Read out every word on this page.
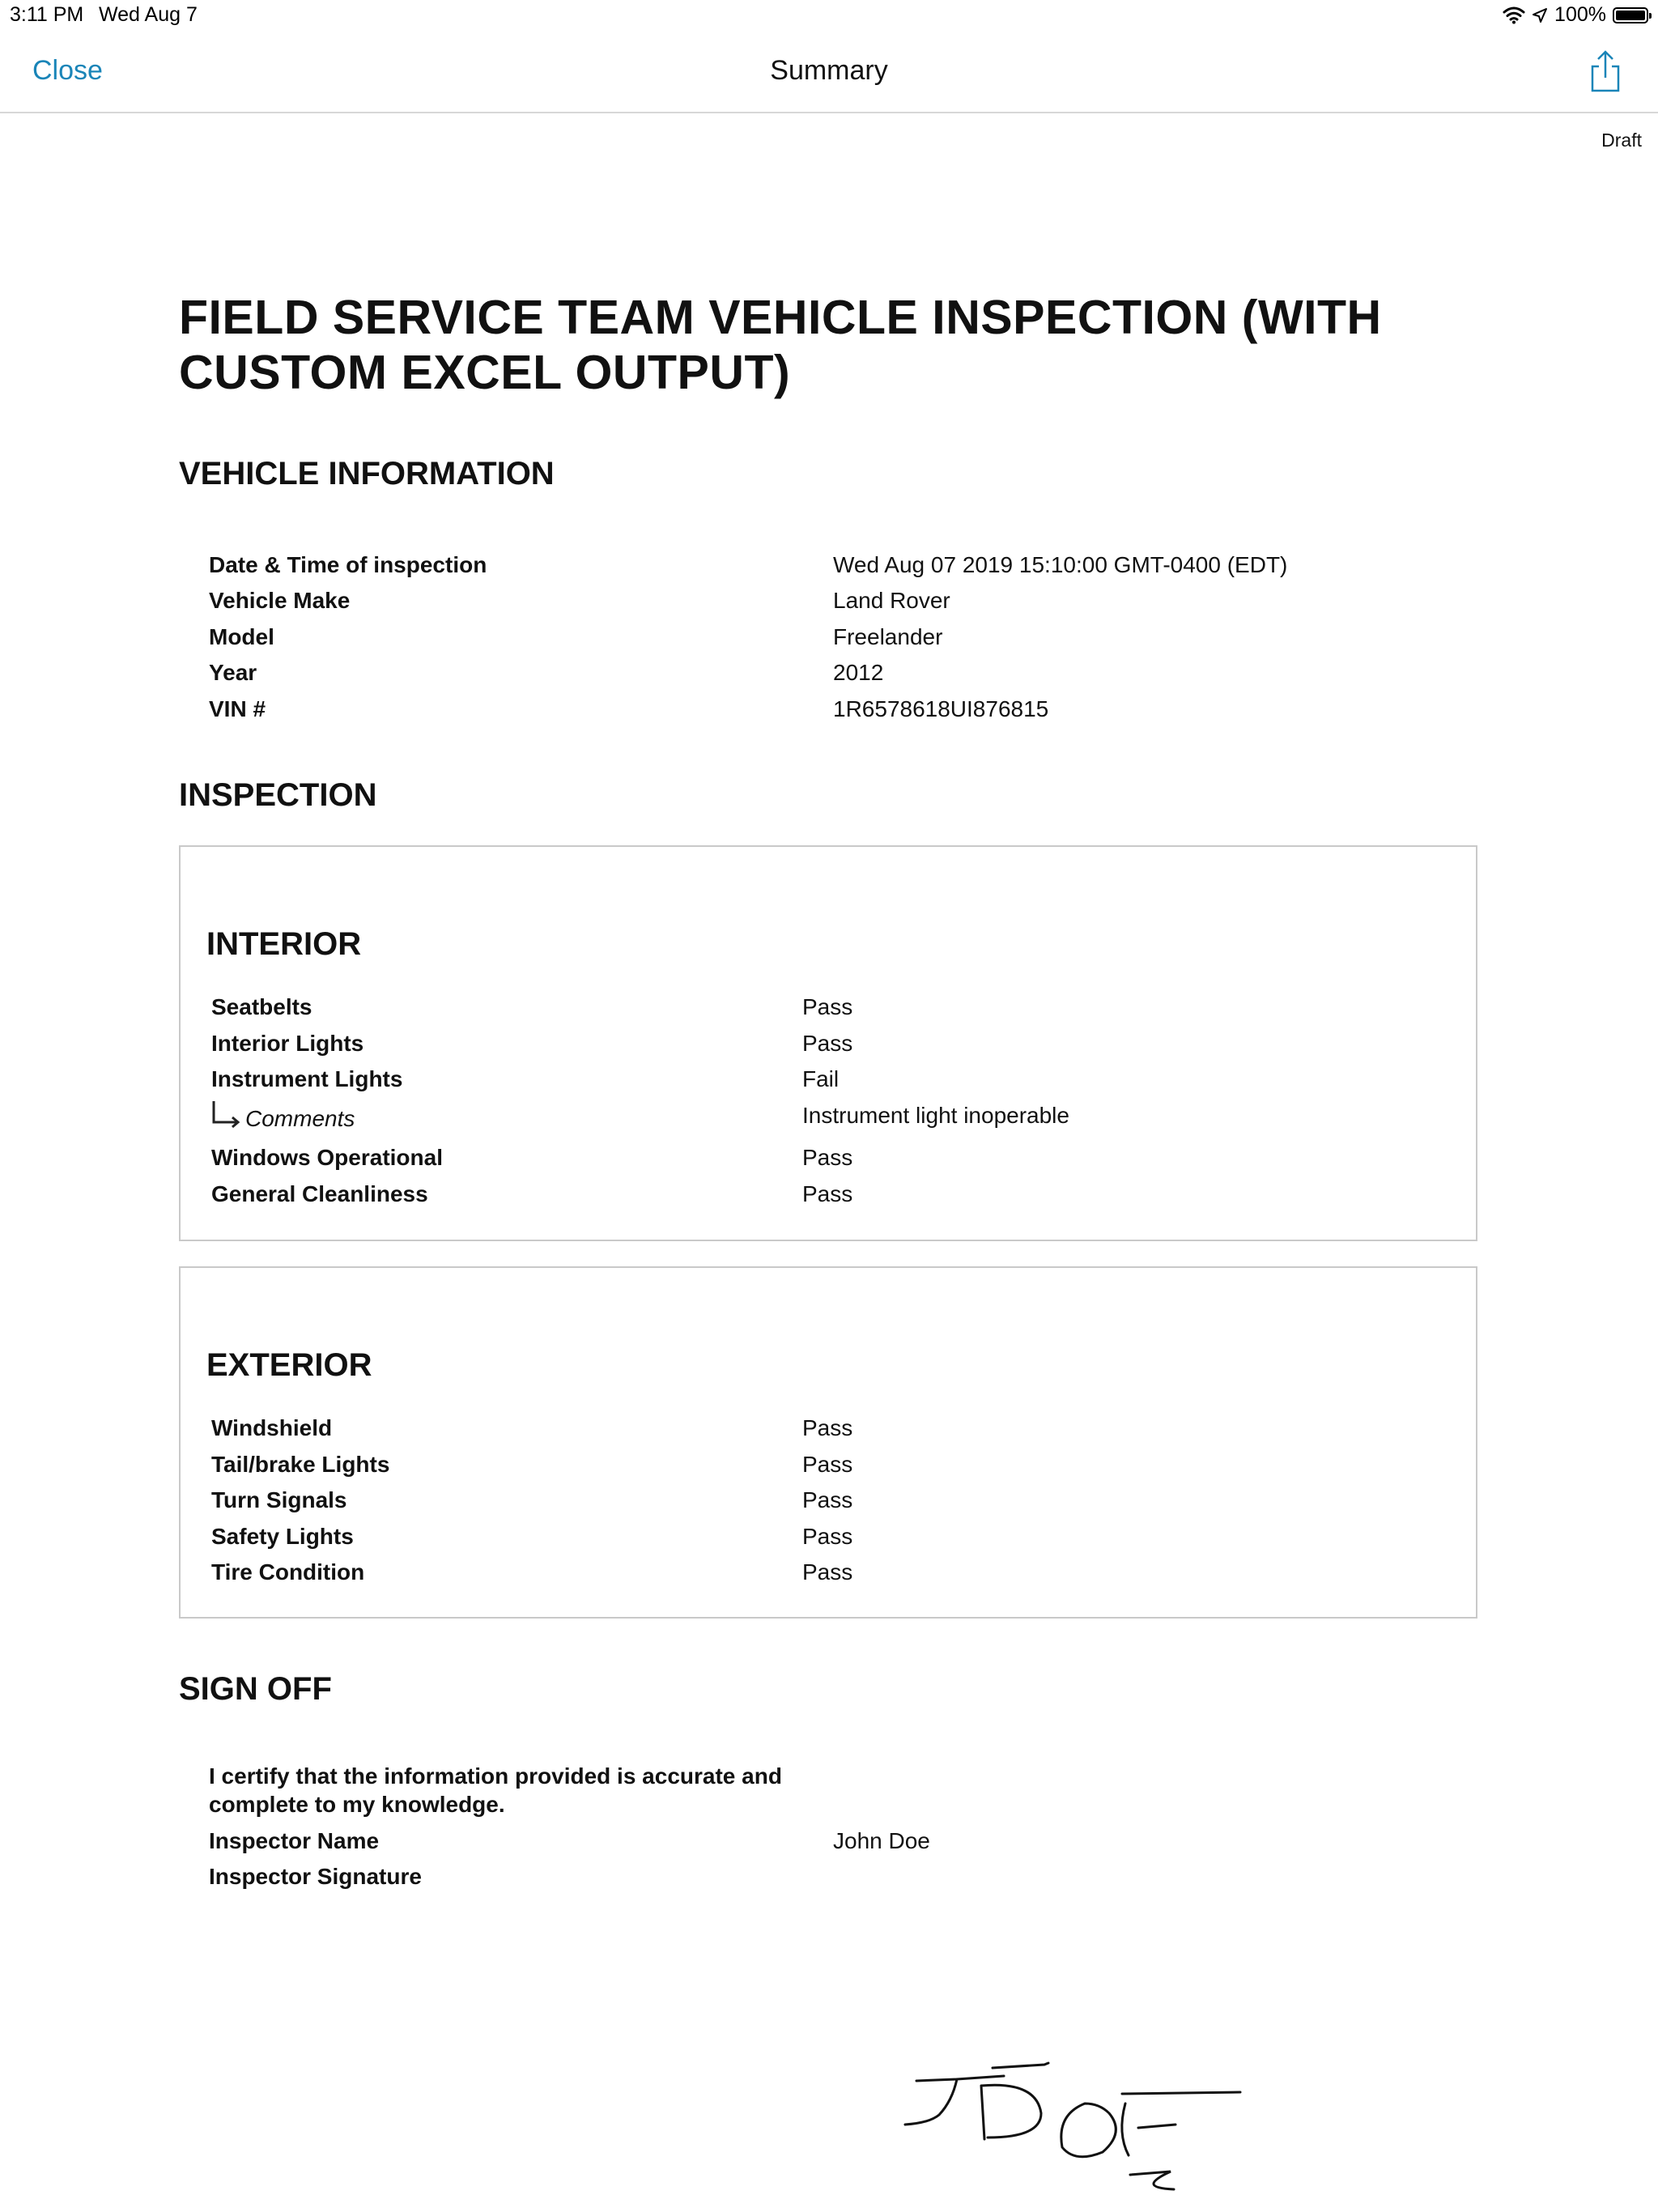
3:11 PM Wed Aug 7	100%
Close	Summary
Draft
FIELD SERVICE TEAM VEHICLE INSPECTION (WITH CUSTOM EXCEL OUTPUT)
VEHICLE INFORMATION
Date & Time of inspection	Wed Aug 07 2019 15:10:00 GMT-0400 (EDT)
Vehicle Make	Land Rover
Model	Freelander
Year	2012
VIN #	1R6578618UI876815
INSPECTION
INTERIOR
Seatbelts	Pass
Interior Lights	Pass
Instrument Lights	Fail
Comments	Instrument light inoperable
Windows Operational	Pass
General Cleanliness	Pass
EXTERIOR
Windshield	Pass
Tail/brake Lights	Pass
Turn Signals	Pass
Safety Lights	Pass
Tire Condition	Pass
SIGN OFF
I certify that the information provided is accurate and complete to my knowledge.
Inspector Name	John Doe
Inspector Signature
